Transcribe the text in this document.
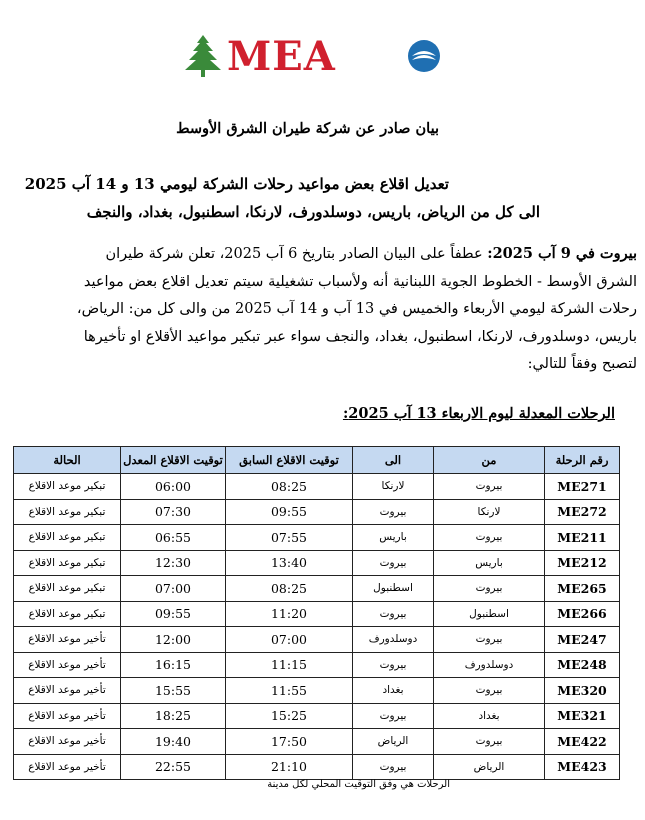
MEA
بيان صادر عن شركة طيران الشرق الأوسط
تعديل اقلاع بعض مواعيد رحلات الشركة ليومي 13 و 14 آب 2025
الى كل من الرياض، باريس، دوسلدورف، لارنكا، اسطنبول، بغداد، والنجف
بيروت في 9 آب 2025: عطفاً على البيان الصادر بتاريخ 6 آب 2025، تعلن شركة طيران الشرق الأوسط - الخطوط الجوية اللبنانية أنه ولأسباب تشغيلية سيتم تعديل اقلاع بعض مواعيد رحلات الشركة ليومي الأربعاء والخميس في 13 آب و 14 آب 2025 من والى كل من: الرياض، باريس، دوسلدورف، لارنكا، اسطنبول، بغداد، والنجف سواء عبر تبكير مواعيد الأقلاع او تأخيرها لتصبح وفقاً للتالي:
الرحلات المعدلة ليوم الاربعاء 13 آب 2025:
رقم الرحلة	من	الى	توقيت الاقلاع السابق	توقيت الاقلاع المعدل	الحالة
ME271	بيروت	لارنكا	08:25	06:00	تبكير موعد الاقلاع
ME272	لارنكا	بيروت	09:55	07:30	تبكير موعد الاقلاع
ME211	بيروت	باريس	07:55	06:55	تبكير موعد الاقلاع
ME212	باريس	بيروت	13:40	12:30	تبكير موعد الاقلاع
ME265	بيروت	اسطنبول	08:25	07:00	تبكير موعد الاقلاع
ME266	اسطنبول	بيروت	11:20	09:55	تبكير موعد الاقلاع
ME247	بيروت	دوسلدورف	07:00	12:00	تأخير موعد الاقلاع
ME248	دوسلدورف	بيروت	11:15	16:15	تأخير موعد الاقلاع
ME320	بيروت	بغداد	11:55	15:55	تأخير موعد الاقلاع
ME321	بغداد	بيروت	15:25	18:25	تأخير موعد الاقلاع
ME422	بيروت	الرياض	17:50	19:40	تأخير موعد الاقلاع
ME423	الرياض	بيروت	21:10	22:55	تأخير موعد الاقلاع
الرحلات هي وفق التوقيت المحلي لكل مدينة
